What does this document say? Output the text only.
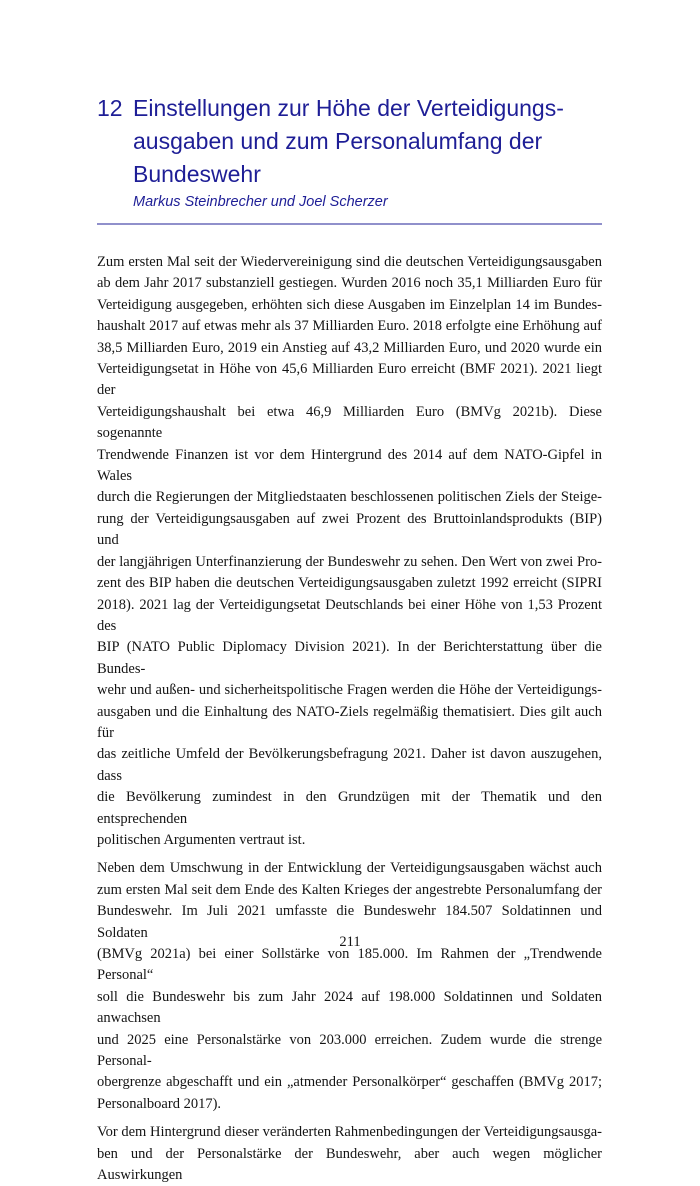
12 Einstellungen zur Höhe der Verteidigungs-
ausgaben und zum Personalumfang der
Bundeswehr
Markus Steinbrecher und Joel Scherzer
Zum ersten Mal seit der Wiedervereinigung sind die deutschen Verteidigungsausgaben
ab dem Jahr 2017 substanziell gestiegen. Wurden 2016 noch 35,1 Milliarden Euro für
Verteidigung ausgegeben, erhöhten sich diese Ausgaben im Einzelplan 14 im Bundes-
haushalt 2017 auf etwas mehr als 37 Milliarden Euro. 2018 erfolgte eine Erhöhung auf
38,5 Milliarden Euro, 2019 ein Anstieg auf 43,2 Milliarden Euro, und 2020 wurde ein
Verteidigungsetat in Höhe von 45,6 Milliarden Euro erreicht (BMF 2021). 2021 liegt der
Verteidigungshaushalt bei etwa 46,9 Milliarden Euro (BMVg 2021b). Diese sogenannte
Trendwende Finanzen ist vor dem Hintergrund des 2014 auf dem NATO-Gipfel in Wales
durch die Regierungen der Mitgliedstaaten beschlossenen politischen Ziels der Steige-
rung der Verteidigungsausgaben auf zwei Prozent des Bruttoinlandsprodukts (BIP) und
der langjährigen Unterfinanzierung der Bundeswehr zu sehen. Den Wert von zwei Pro-
zent des BIP haben die deutschen Verteidigungsausgaben zuletzt 1992 erreicht (SIPRI
2018). 2021 lag der Verteidigungsetat Deutschlands bei einer Höhe von 1,53 Prozent des
BIP (NATO Public Diplomacy Division 2021). In der Berichterstattung über die Bundes-
wehr und außen- und sicherheitspolitische Fragen werden die Höhe der Verteidigungs-
ausgaben und die Einhaltung des NATO-Ziels regelmäßig thematisiert. Dies gilt auch für
das zeitliche Umfeld der Bevölkerungsbefragung 2021. Daher ist davon auszugehen, dass
die Bevölkerung zumindest in den Grundzügen mit der Thematik und den entsprechenden
politischen Argumenten vertraut ist.
Neben dem Umschwung in der Entwicklung der Verteidigungsausgaben wächst auch
zum ersten Mal seit dem Ende des Kalten Krieges der angestrebte Personalumfang der
Bundeswehr. Im Juli 2021 umfasste die Bundeswehr 184.507 Soldatinnen und Soldaten
(BMVg 2021a) bei einer Sollstärke von 185.000. Im Rahmen der „Trendwende Personal“
soll die Bundeswehr bis zum Jahr 2024 auf 198.000 Soldatinnen und Soldaten anwachsen
und 2025 eine Personalstärke von 203.000 erreichen. Zudem wurde die strenge Personal-
obergrenze abgeschafft und ein „atmender Personalkörper“ geschaffen (BMVg 2017;
Personalboard 2017).
Vor dem Hintergrund dieser veränderten Rahmenbedingungen der Verteidigungsausga-
ben und der Personalstärke der Bundeswehr, aber auch wegen möglicher Auswirkungen
211
